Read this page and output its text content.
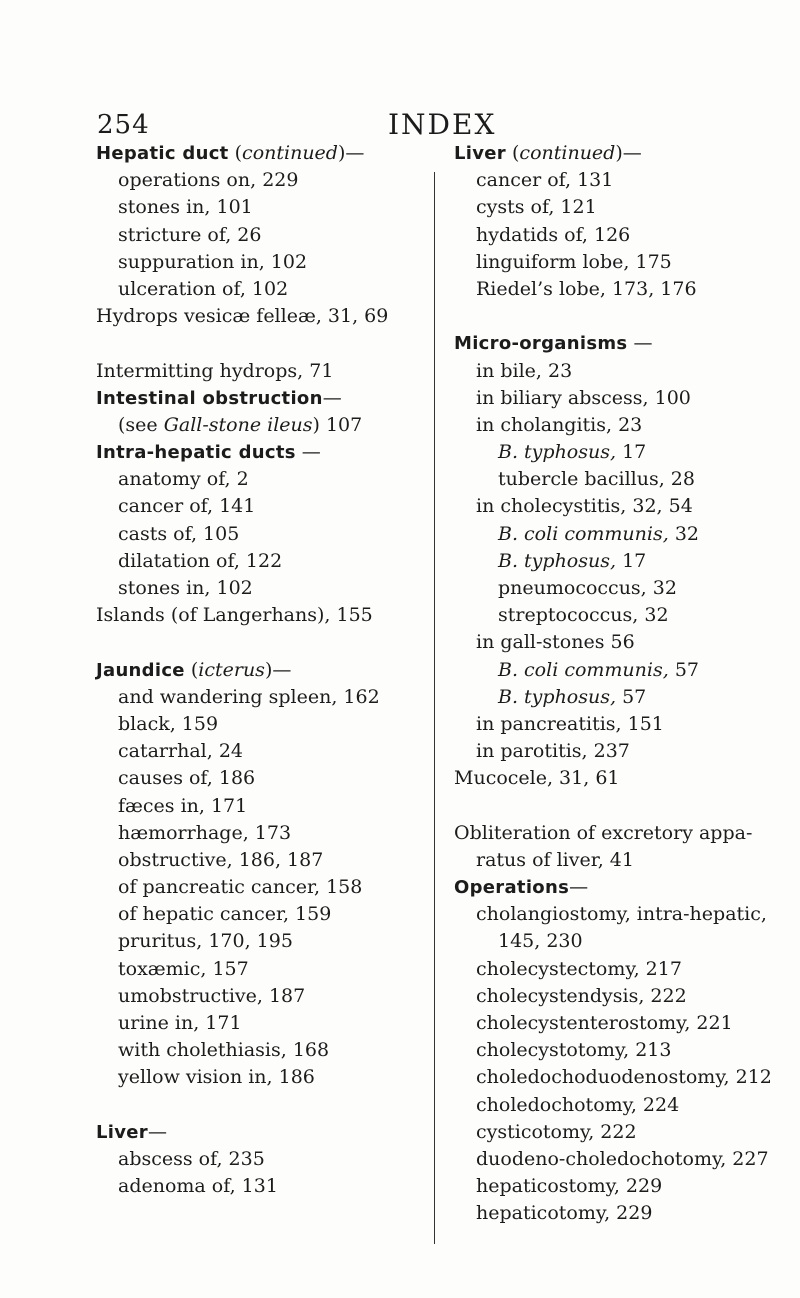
254	INDEX
Hepatic duct (continued)—
operations on, 229
stones in, 101
stricture of, 26
suppuration in, 102
ulceration of, 102
Hydrops vesicæ felleæ, 31, 69
Intermitting hydrops, 71
Intestinal obstruction—
(see Gall-stone ileus) 107
Intra-hepatic ducts —
anatomy of, 2
cancer of, 141
casts of, 105
dilatation of, 122
stones in, 102
Islands (of Langerhans), 155
Jaundice (icterus)—
and wandering spleen, 162
black, 159
catarrhal, 24
causes of, 186
fæces in, 171
hæmorrhage, 173
obstructive, 186, 187
of pancreatic cancer, 158
of hepatic cancer, 159
pruritus, 170, 195
toxæmic, 157
umobstructive, 187
urine in, 171
with cholethiasis, 168
yellow vision in, 186
Liver—
abscess of, 235
adenoma of, 131
Liver (continued)—
cancer of, 131
cysts of, 121
hydatids of, 126
linguiform lobe, 175
Riedel’s lobe, 173, 176
Micro-organisms —
in bile, 23
in biliary abscess, 100
in cholangitis, 23
B. typhosus, 17
tubercle bacillus, 28
in cholecystitis, 32, 54
B. coli communis, 32
B. typhosus, 17
pneumococcus, 32
streptococcus, 32
in gall-stones 56
B. coli communis, 57
B. typhosus, 57
in pancreatitis, 151
in parotitis, 237
Mucocele, 31, 61
Obliteration of excretory appa-
ratus of liver, 41
Operations—
cholangiostomy, intra-hepatic,
145, 230
cholecystectomy, 217
cholecystendysis, 222
cholecystenterostomy, 221
cholecystotomy, 213
choledochoduodenostomy, 212
choledochotomy, 224
cysticotomy, 222
duodeno-choledochotomy, 227
hepaticostomy, 229
hepaticotomy, 229
